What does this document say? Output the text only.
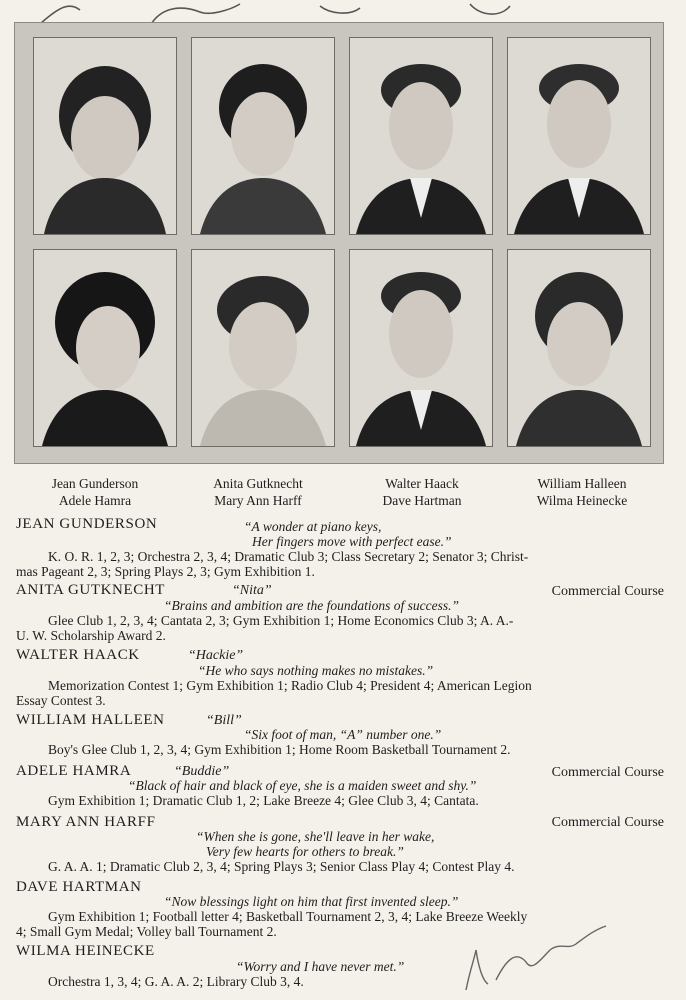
Jean Gunderson	Anita Gutknecht	Walter Haack	William Halleen
Adele Hamra	Mary Ann Harff	Dave Hartman	Wilma Heinecke
JEAN GUNDERSON	“A wonder at piano keys,
Her fingers move with perfect ease.”
K. O. R. 1, 2, 3; Orchestra 2, 3, 4; Dramatic Club 3; Class Secretary 2; Senator 3; Christ-
mas Pageant 2, 3; Spring Plays 2, 3; Gym Exhibition 1.
ANITA GUTKNECHT	“Nita”	Commercial Course
“Brains and ambition are the foundations of success.”
Glee Club 1, 2, 3, 4; Cantata 2, 3; Gym Exhibition 1; Home Economics Club 3; A. A.-
U. W. Scholarship Award 2.
WALTER HAACK	“Hackie”
“He who says nothing makes no mistakes.”
Memorization Contest 1; Gym Exhibition 1; Radio Club 4; President 4; American Legion
Essay Contest 3.
WILLIAM HALLEEN	“Bill”
“Six foot of man, “A” number one.”
Boy's Glee Club 1, 2, 3, 4; Gym Exhibition 1; Home Room Basketball Tournament 2.
ADELE HAMRA	“Buddie”	Commercial Course
“Black of hair and black of eye, she is a maiden sweet and shy.”
Gym Exhibition 1; Dramatic Club 1, 2; Lake Breeze 4; Glee Club 3, 4; Cantata.
MARY ANN HARFF	Commercial Course
“When she is gone, she'll leave in her wake,
Very few hearts for others to break.”
G. A. A. 1; Dramatic Club 2, 3, 4; Spring Plays 3; Senior Class Play 4; Contest Play 4.
DAVE HARTMAN
“Now blessings light on him that first invented sleep.”
Gym Exhibition 1; Football letter 4; Basketball Tournament 2, 3, 4; Lake Breeze Weekly
4; Small Gym Medal; Volley ball Tournament 2.
WILMA HEINECKE
“Worry and I have never met.”
Orchestra 1, 3, 4; G. A. A. 2; Library Club 3, 4.
